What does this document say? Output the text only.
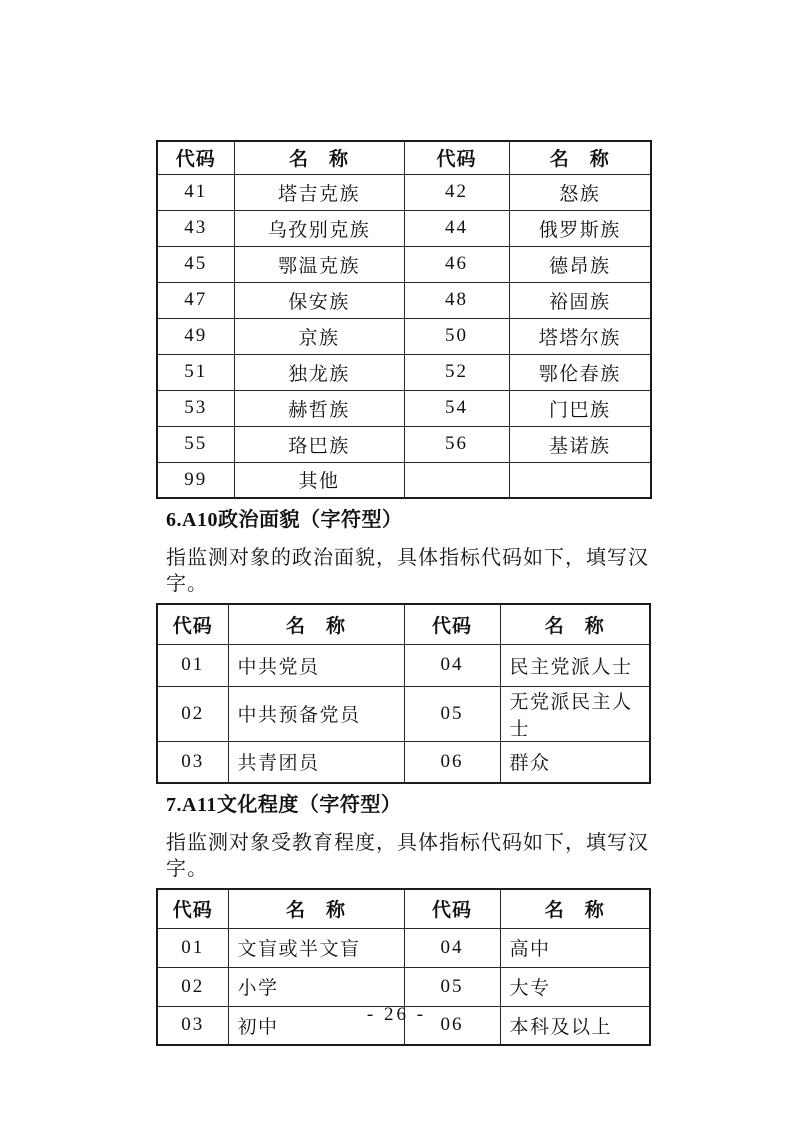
代码	名　称	代码	名　称
41	塔吉克族	42	怒族
43	乌孜别克族	44	俄罗斯族
45	鄂温克族	46	德昂族
47	保安族	48	裕固族
49	京族	50	塔塔尔族
51	独龙族	52	鄂伦春族
53	赫哲族	54	门巴族
55	珞巴族	56	基诺族
99	其他		
6.A10政治面貌（字符型）
指监测对象的政治面貌，具体指标代码如下，填写汉字。
代码	名　称	代码	名　称
01	中共党员	04	民主党派人士
02	中共预备党员	05	无党派民主人士
03	共青团员	06	群众
7.A11文化程度（字符型）
指监测对象受教育程度，具体指标代码如下，填写汉字。
代码	名　称	代码	名　称
01	文盲或半文盲	04	高中
02	小学	05	大专
03	初中	06	本科及以上
- 26 -
